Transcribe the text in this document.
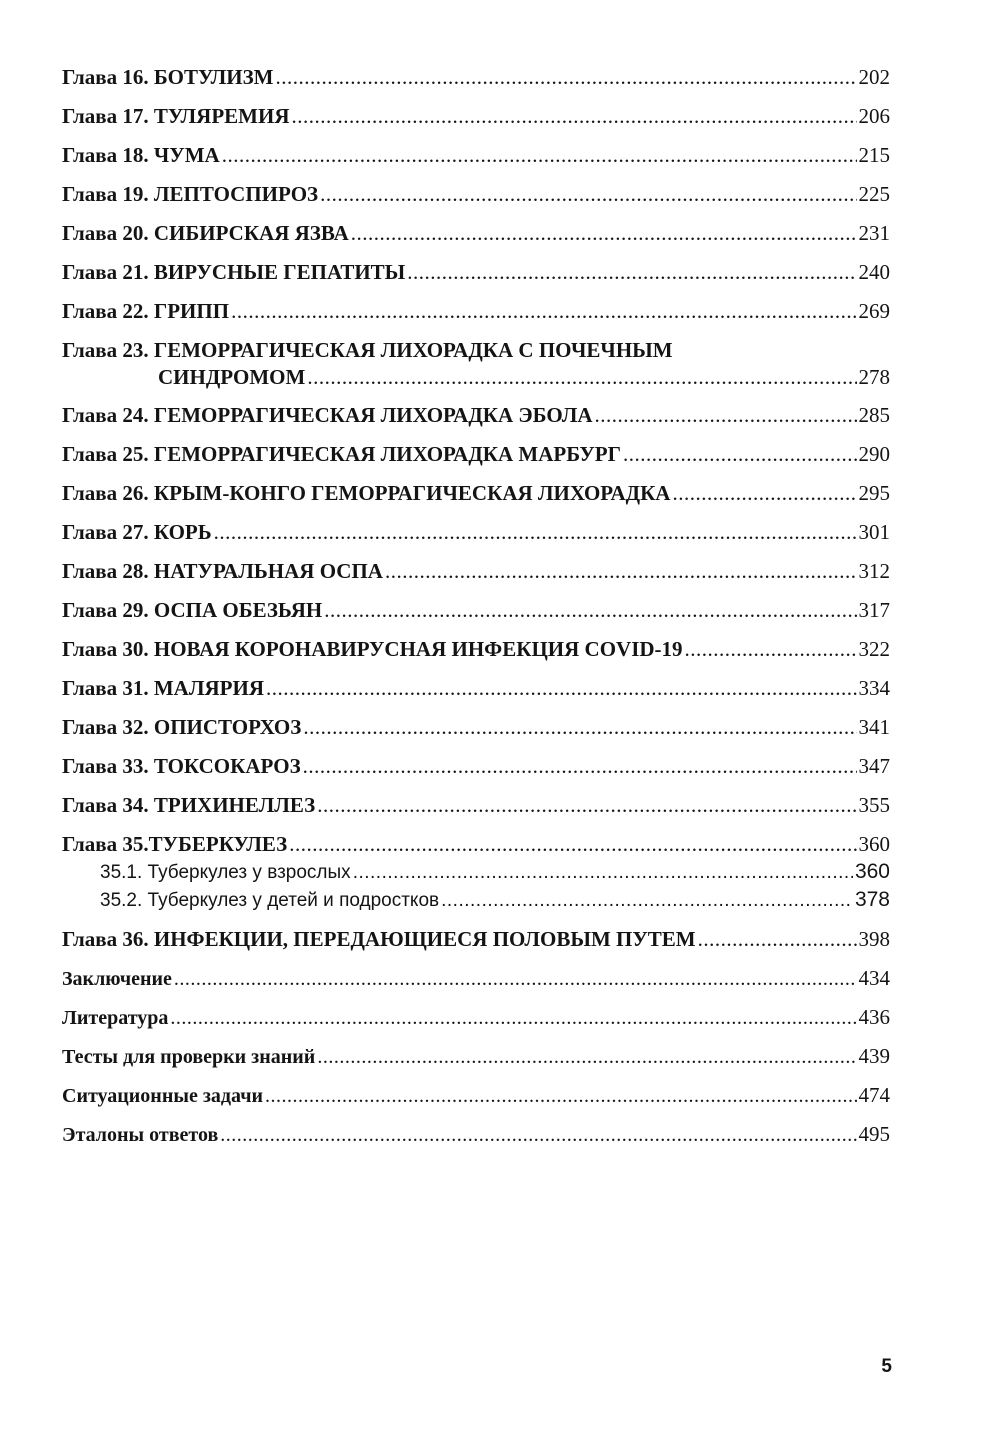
Глава 16. БОТУЛИЗМ .....	202
Глава 17. ТУЛЯРЕМИЯ .....	206
Глава 18. ЧУМА .....	215
Глава 19. ЛЕПТОСПИРОЗ .....	225
Глава 20. СИБИРСКАЯ ЯЗВА .....	231
Глава 21. ВИРУСНЫЕ ГЕПАТИТЫ .....	240
Глава 22. ГРИПП .....	269
Глава 23. ГЕМОРРАГИЧЕСКАЯ ЛИХОРАДКА С ПОЧЕЧНЫМ
СИНДРОМОМ .....	278
Глава 24. ГЕМОРРАГИЧЕСКАЯ ЛИХОРАДКА ЭБОЛА .....	285
Глава 25. ГЕМОРРАГИЧЕСКАЯ ЛИХОРАДКА МАРБУРГ .....	290
Глава 26. КРЫМ-КОНГО ГЕМОРРАГИЧЕСКАЯ ЛИХОРАДКА .....	295
Глава 27. КОРЬ .....	301
Глава 28. НАТУРАЛЬНАЯ ОСПА .....	312
Глава 29. ОСПА ОБЕЗЬЯН .....	317
Глава 30. НОВАЯ КОРОНАВИРУСНАЯ ИНФЕКЦИЯ COVID-19 .....	322
Глава 31. МАЛЯРИЯ .....	334
Глава 32. ОПИСТОРХОЗ .....	341
Глава 33. ТОКСОКАРОЗ .....	347
Глава 34. ТРИХИНЕЛЛЕЗ .....	355
Глава 35.ТУБЕРКУЛЕЗ .....	360
35.1. Туберкулез у взрослых .....	360
35.2. Туберкулез у детей и подростков .....	378
Глава 36. ИНФЕКЦИИ, ПЕРЕДАЮЩИЕСЯ ПОЛОВЫМ ПУТЕМ .....	398
Заключение .....	434
Литература .....	436
Тесты для проверки знаний .....	439
Ситуационные задачи .....	474
Эталоны ответов .....	495
5
